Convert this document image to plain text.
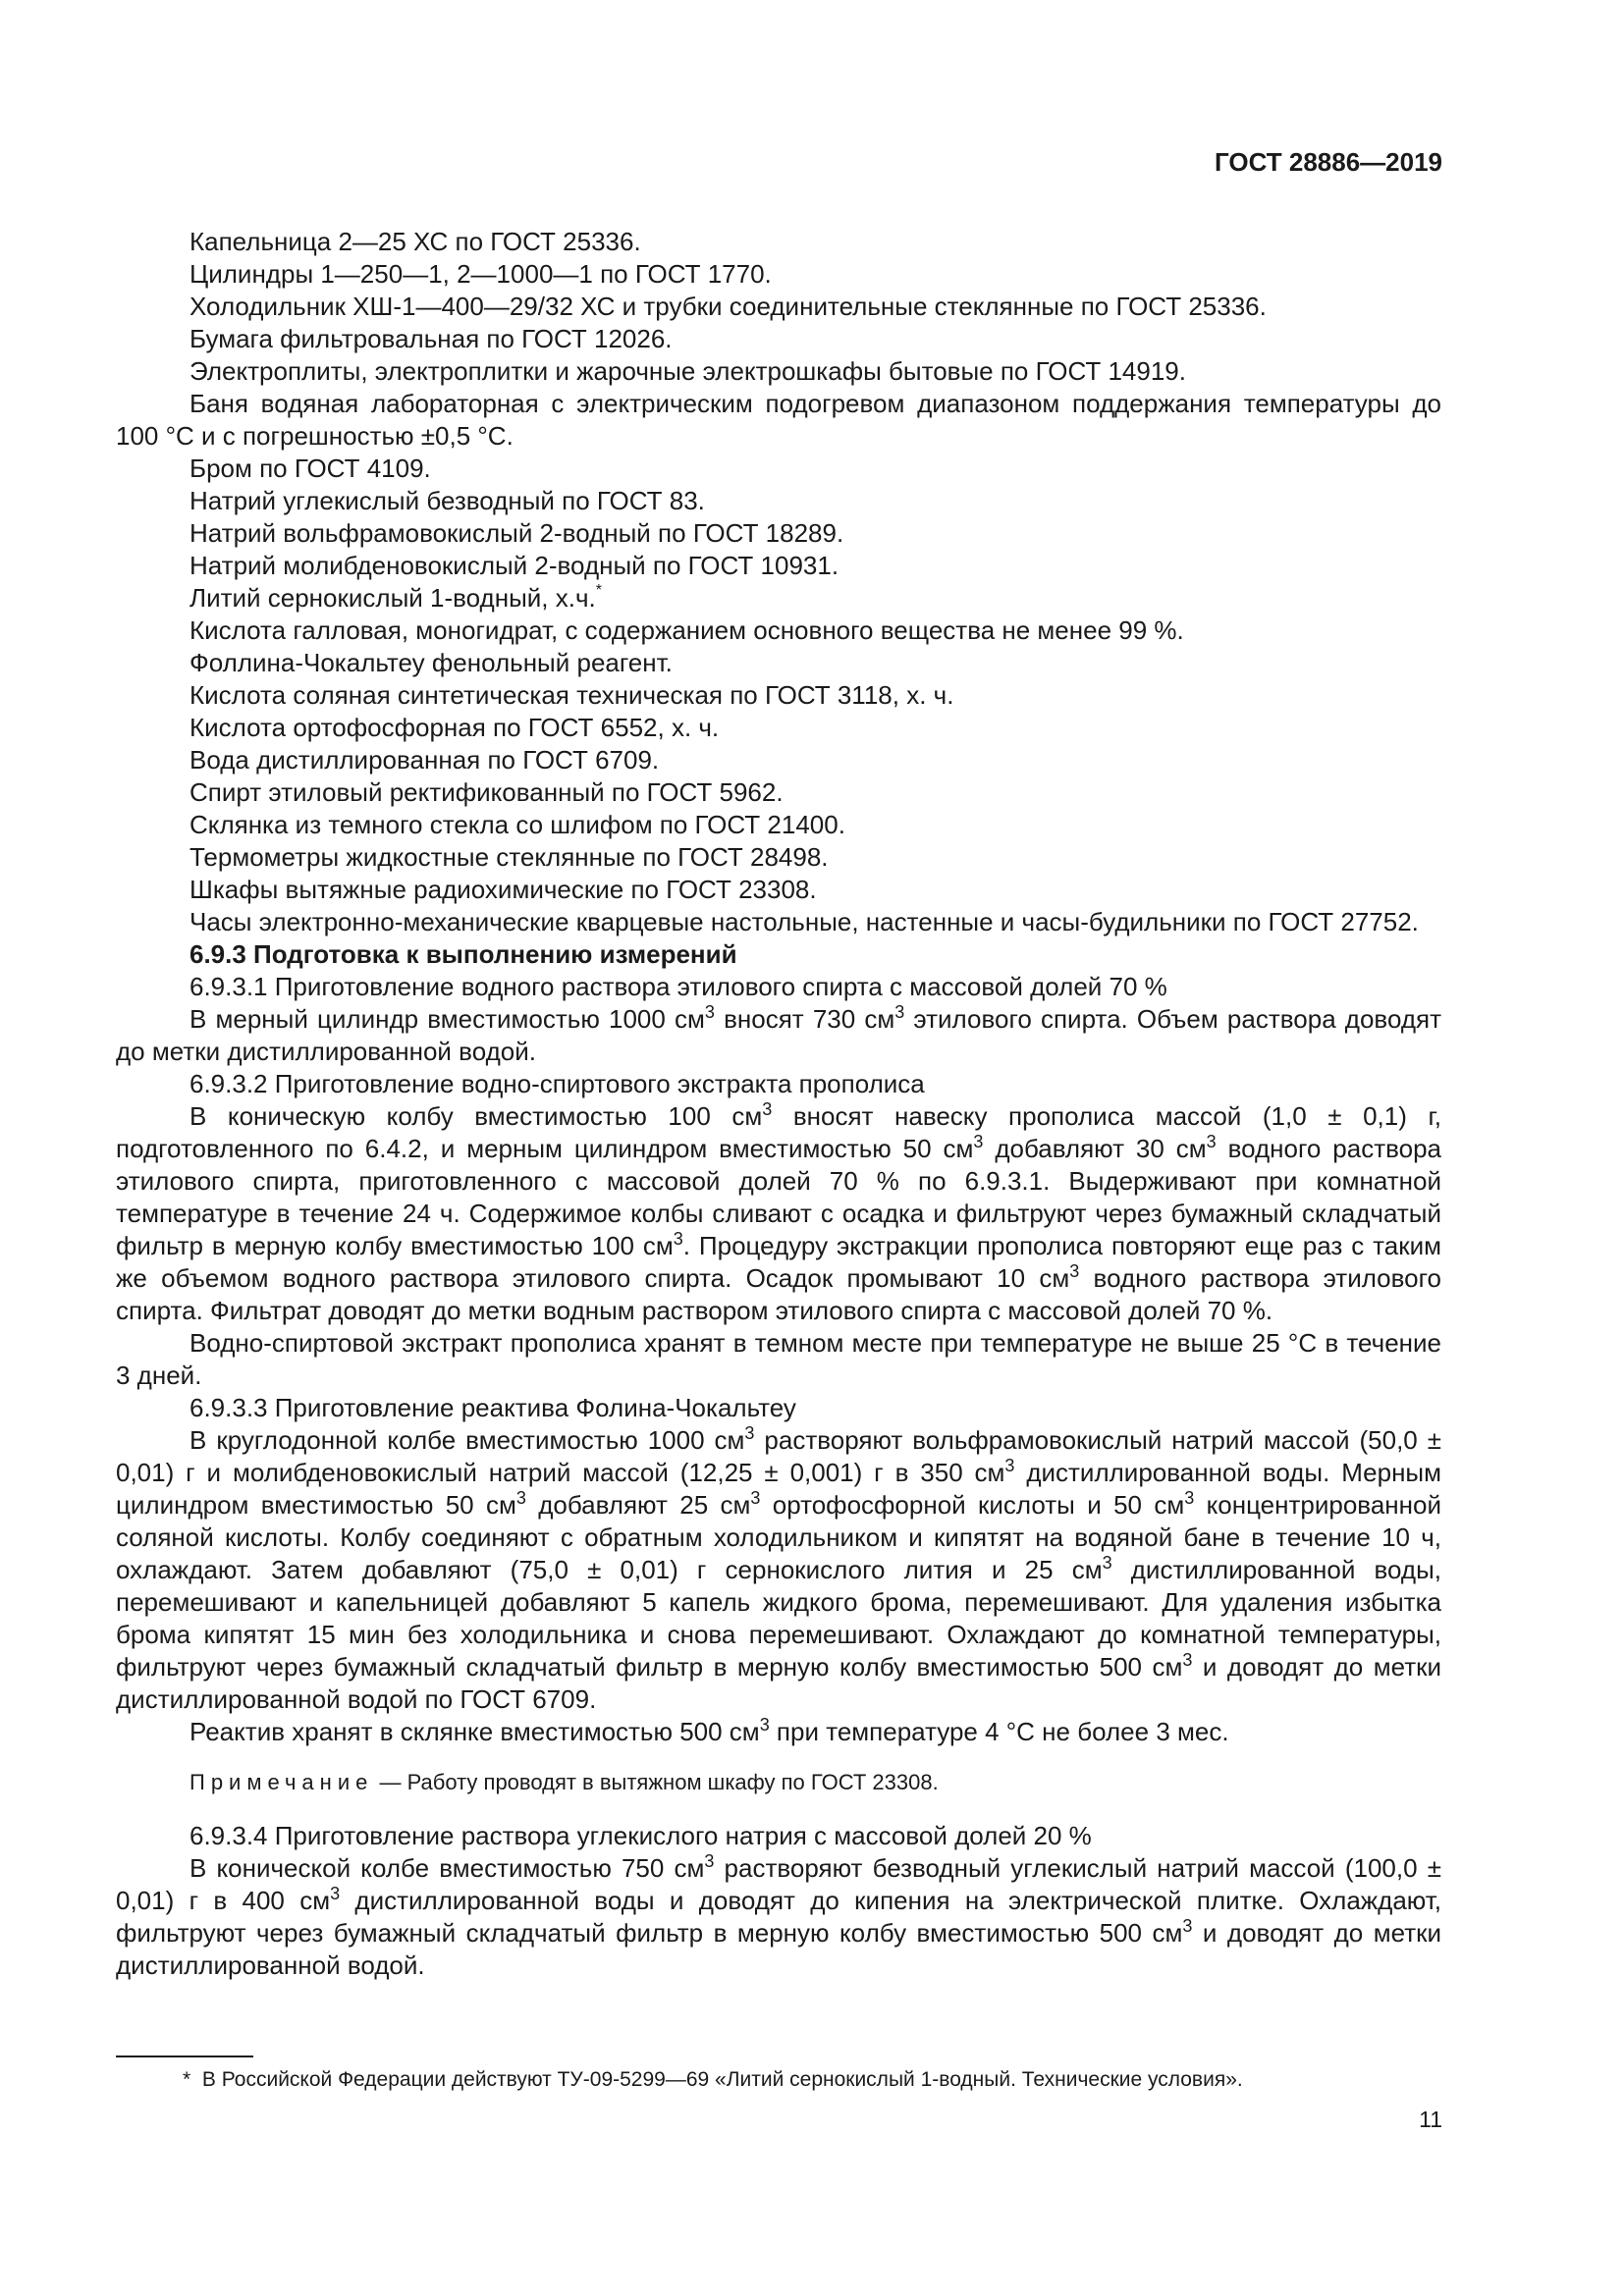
ГОСТ 28886—2019

Капельница 2—25 ХС по ГОСТ 25336.

Цилиндры 1—250—1, 2—1000—1 по ГОСТ 1770.

Холодильник ХШ-1—400—29/32 ХС и трубки соединительные стеклянные по ГОСТ 25336.

Бумага фильтровальная по ГОСТ 12026.

Электроплиты, электроплитки и жарочные электрошкафы бытовые по ГОСТ 14919.

Баня водяная лабораторная с электрическим подогревом диапазоном поддержания температуры до 100 °С и с погрешностью ±0,5 °С.

Бром по ГОСТ 4109.

Натрий углекислый безводный по ГОСТ 83.

Натрий вольфрамовокислый 2-водный по ГОСТ 18289.

Натрий молибденовокислый 2-водный по ГОСТ 10931.

Литий сернокислый 1-водный, х.ч.*

Кислота галловая, моногидрат, с содержанием основного вещества не менее 99 %.

Фоллина-Чокальтеу фенольный реагент.

Кислота соляная синтетическая техническая по ГОСТ 3118, х. ч.

Кислота ортофосфорная по ГОСТ 6552, х. ч.

Вода дистиллированная по ГОСТ 6709.

Спирт этиловый ректификованный по ГОСТ 5962.

Склянка из темного стекла со шлифом по ГОСТ 21400.

Термометры жидкостные стеклянные по ГОСТ 28498.

Шкафы вытяжные радиохимические по ГОСТ 23308.

Часы электронно-механические кварцевые настольные, настенные и часы-будильники по ГОСТ 27752.

6.9.3 Подготовка к выполнению измерений

6.9.3.1 Приготовление водного раствора этилового спирта с массовой долей 70 %

В мерный цилиндр вместимостью 1000 $см^3$ вносят 730 $см^3$ этилового спирта. Объем раствора доводят до метки дистиллированной водой.

6.9.3.2 Приготовление водно-спиртового экстракта прополиса

В коническую колбу вместимостью 100 $см^3$ вносят навеску прополиса массой (1,0 ± 0,1) г, подготовленного по 6.4.2, и мерным цилиндром вместимостью 50 $см^3$ добавляют 30 $см^3$ водного раствора этилового спирта, приготовленного с массовой долей 70 % по 6.9.3.1. Выдерживают при комнатной температуре в течение 24 ч. Содержимое колбы сливают с осадка и фильтруют через бумажный складчатый фильтр в мерную колбу вместимостью 100 $см^3$. Процедуру экстракции прополиса повторяют еще раз с таким же объемом водного раствора этилового спирта. Осадок промывают 10 $см^3$ водного раствора этилового спирта. Фильтрат доводят до метки водным раствором этилового спирта с массовой долей 70 %.

Водно-спиртовой экстракт прополиса хранят в темном месте при температуре не выше 25 °С в течение 3 дней.

6.9.3.3 Приготовление реактива Фолина-Чокальтеу

В круглодонной колбе вместимостью 1000 $см^3$ растворяют вольфрамовокислый натрий массой (50,0 ± 0,01) г и молибденовокислый натрий массой (12,25 ± 0,001) г в 350 $см^3$ дистиллированной воды. Мерным цилиндром вместимостью 50 $см^3$ добавляют 25 $см^3$ ортофосфорной кислоты и 50 $см^3$ концентрированной соляной кислоты. Колбу соединяют с обратным холодильником и кипятят на водяной бане в течение 10 ч, охлаждают. Затем добавляют (75,0 ± 0,01) г сернокислого лития и 25 $см^3$ дистиллированной воды, перемешивают и капельницей добавляют 5 капель жидкого брома, перемешивают. Для удаления избытка брома кипятят 15 мин без холодильника и снова перемешивают. Охлаждают до комнатной температуры, фильтруют через бумажный складчатый фильтр в мерную колбу вместимостью 500 $см^3$ и доводят до метки дистиллированной водой по ГОСТ 6709.

Реактив хранят в склянке вместимостью 500 $см^3$ при температуре 4 °С не более 3 мес.

Примечание — Работу проводят в вытяжном шкафу по ГОСТ 23308.

6.9.3.4 Приготовление раствора углекислого натрия с массовой долей 20 %

В конической колбе вместимостью 750 $см^3$ растворяют безводный углекислый натрий массой (100,0 ± 0,01) г в 400 $см^3$ дистиллированной воды и доводят до кипения на электрической плитке. Охлаждают, фильтруют через бумажный складчатый фильтр в мерную колбу вместимостью 500 $см^3$ и доводят до метки дистиллированной водой.

* В Российской Федерации действуют ТУ-09-5299—69 «Литий сернокислый 1-водный. Технические условия».
11
